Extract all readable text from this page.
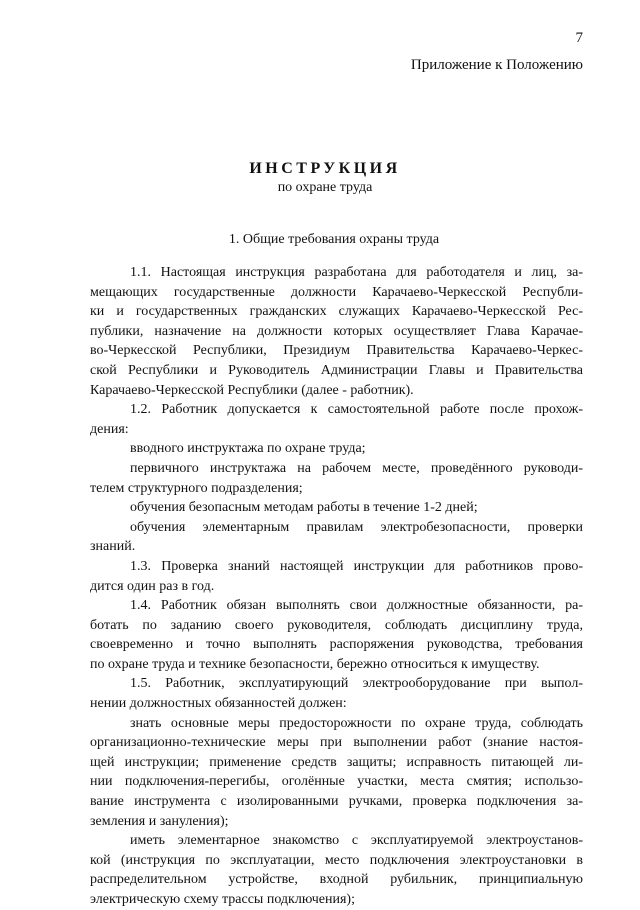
7
Приложение к Положению
ИНСТРУКЦИЯ
по охране труда
1. Общие требования охраны труда
1.1. Настоящая инструкция разработана для работодателя и лиц, за-
мещающих государственные должности Карачаево-Черкесской Республи-
ки и государственных гражданских служащих Карачаево-Черкесской Рес-
публики, назначение на должности которых осуществляет Глава Карачае-
во-Черкесской Республики, Президиум Правительства Карачаево-Черкес-
ской Республики и Руководитель Администрации Главы и Правительства
Карачаево-Черкесской Республики (далее - работник).
1.2. Работник допускается к самостоятельной работе после прохож-
дения:
вводного инструктажа по охране труда;
первичного инструктажа на рабочем месте, проведённого руководи-
телем структурного подразделения;
обучения безопасным методам работы в течение 1-2 дней;
обучения элементарным правилам электробезопасности, проверки
знаний.
1.3. Проверка знаний настоящей инструкции для работников прово-
дится один раз в год.
1.4. Работник обязан выполнять свои должностные обязанности, ра-
ботать по заданию своего руководителя, соблюдать дисциплину труда,
своевременно и точно выполнять распоряжения руководства, требования
по охране труда и технике безопасности, бережно относиться к имуществу.
1.5. Работник, эксплуатирующий электрооборудование при выпол-
нении должностных обязанностей должен:
знать основные меры предосторожности по охране труда, соблюдать
организационно-технические меры при выполнении работ (знание настоя-
щей инструкции; применение средств защиты; исправность питающей ли-
нии подключения-перегибы, оголённые участки, места смятия; использо-
вание инструмента с изолированными ручками, проверка подключения за-
земления и зануления);
иметь элементарное знакомство с эксплуатируемой электроустанов-
кой (инструкция по эксплуатации, место подключения электроустановки в
распределительном устройстве, входной рубильник, принципиальную
электрическую схему трассы подключения);
